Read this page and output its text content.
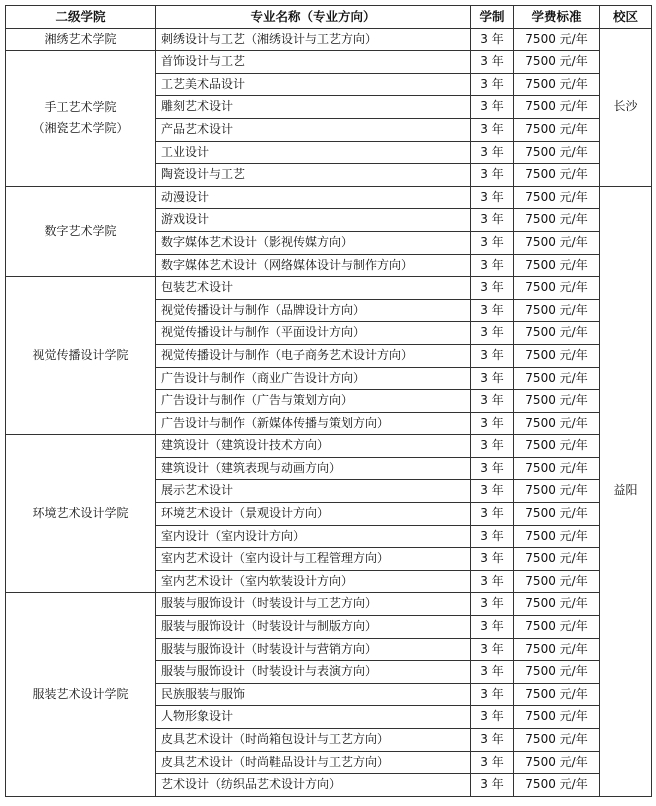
二级学院	专业名称（专业方向）	学制	学费标准	校区

湘绣艺术学院	刺绣设计与工艺（湘绣设计与工艺方向）	3 年	7500 元/年	长沙

手工艺术学院
（湘瓷艺术学院）	首饰设计与工艺	3 年	7500 元/年	
	工艺美术品设计	3 年	7500 元/年	
	雕刻艺术设计	3 年	7500 元/年	
	产品艺术设计	3 年	7500 元/年	
	工业设计	3 年	7500 元/年	
	陶瓷设计与工艺	3 年	7500 元/年	

数字艺术学院	动漫设计	3 年	7500 元/年	益阳
	游戏设计	3 年	7500 元/年	
	数字媒体艺术设计（影视传媒方向）	3 年	7500 元/年	
	数字媒体艺术设计（网络媒体设计与制作方向）	3 年	7500 元/年	

视觉传播设计学院	包装艺术设计	3 年	7500 元/年	
	视觉传播设计与制作（品牌设计方向）	3 年	7500 元/年	
	视觉传播设计与制作（平面设计方向）	3 年	7500 元/年	
	视觉传播设计与制作（电子商务艺术设计方向）	3 年	7500 元/年	
	广告设计与制作（商业广告设计方向）	3 年	7500 元/年	
	广告设计与制作（广告与策划方向）	3 年	7500 元/年	
	广告设计与制作（新媒体传播与策划方向）	3 年	7500 元/年	

环境艺术设计学院	建筑设计（建筑设计技术方向）	3 年	7500 元/年	
	建筑设计（建筑表现与动画方向）	3 年	7500 元/年	
	展示艺术设计	3 年	7500 元/年	
	环境艺术设计（景观设计方向）	3 年	7500 元/年	
	室内设计（室内设计方向）	3 年	7500 元/年	
	室内艺术设计（室内设计与工程管理方向）	3 年	7500 元/年	
	室内艺术设计（室内软装设计方向）	3 年	7500 元/年	

服装艺术设计学院	服装与服饰设计（时装设计与工艺方向）	3 年	7500 元/年	
	服装与服饰设计（时装设计与制版方向）	3 年	7500 元/年	
	服装与服饰设计（时装设计与营销方向）	3 年	7500 元/年	
	服装与服饰设计（时装设计与表演方向）	3 年	7500 元/年	
	民族服装与服饰	3 年	7500 元/年	
	人物形象设计	3 年	7500 元/年	
	皮具艺术设计（时尚箱包设计与工艺方向）	3 年	7500 元/年	
	皮具艺术设计（时尚鞋品设计与工艺方向）	3 年	7500 元/年	
	艺术设计（纺织品艺术设计方向）	3 年	7500 元/年	
